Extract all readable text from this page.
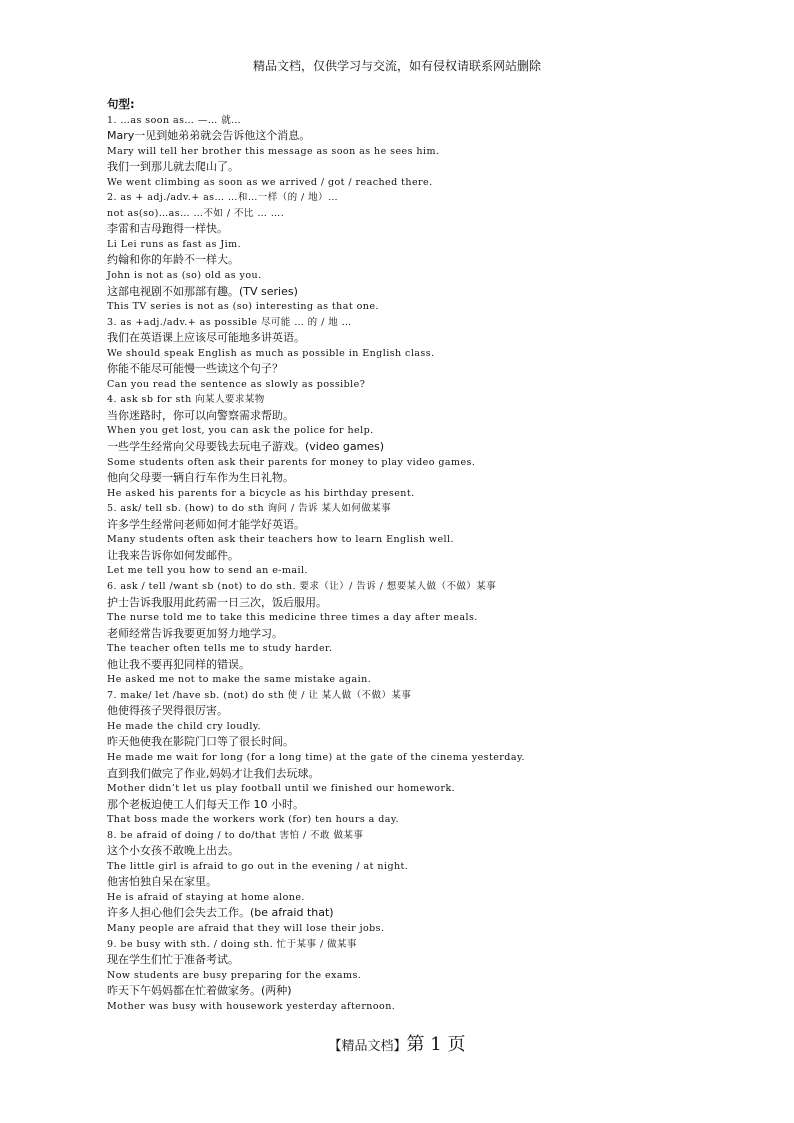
精品文档，仅供学习与交流，如有侵权请联系网站删除
句型:
1. …as soon as… —… 就…
Mary一见到她弟弟就会告诉他这个消息。
Mary will tell her brother this message as soon as he sees him.
我们一到那儿就去爬山了。
We went climbing as soon as we arrived / got / reached there.
2. as + adj./adv.+ as… …和…一样（的 / 地）…
not as(so)…as… …不如 / 不比 … ….
李雷和吉母跑得一样快。
Li Lei runs as fast as Jim.
约翰和你的年龄不一样大。
John is not as (so) old as you.
这部电视剧不如那部有趣。(TV series)
This TV series is not as (so) interesting as that one.
3. as +adj./adv.+ as possible 尽可能 … 的 / 地 …
我们在英语课上应该尽可能地多讲英语。
We should speak English as much as possible in English class.
你能不能尽可能慢一些读这个句子？
Can you read the sentence as slowly as possible?
4. ask sb for sth 向某人要求某物
当你迷路时，你可以向警察需求帮助。
When you get lost, you can ask the police for help.
一些学生经常向父母要钱去玩电子游戏。(video games)
Some students often ask their parents for money to play video games.
他向父母要一辆自行车作为生日礼物。
He asked his parents for a bicycle as his birthday present.
5. ask/ tell sb. (how) to do sth 询问 / 告诉 某人如何做某事
许多学生经常问老师如何才能学好英语。
Many students often ask their teachers how to learn English well.
让我来告诉你如何发邮件。
Let me tell you how to send an e-mail.
6. ask / tell /want sb (not) to do sth. 要求（让）/ 告诉 / 想要某人做（不做）某事
护士告诉我服用此药需一日三次，饭后服用。
The nurse told me to take this medicine three times a day after meals.
老师经常告诉我要更加努力地学习。
The teacher often tells me to study harder.
他让我不要再犯同样的错误。
He asked me not to make the same mistake again.
7. make/ let /have sb. (not) do sth 使 / 让 某人做（不做）某事
他使得孩子哭得很厉害。
He made the child cry loudly.
昨天他使我在影院门口等了很长时间。
He made me wait for long (for a long time) at the gate of the cinema yesterday.
直到我们做完了作业,妈妈才让我们去玩球。
Mother didn’t let us play football until we finished our homework.
那个老板迫使工人们每天工作 10 小时。
That boss made the workers work (for) ten hours a day.
8. be afraid of doing / to do/that 害怕 / 不敢 做某事
这个小女孩不敢晚上出去。
The little girl is afraid to go out in the evening / at night.
他害怕独自呆在家里。
He is afraid of staying at home alone.
许多人担心他们会失去工作。(be afraid that)
Many people are afraid that they will lose their jobs.
9. be busy with sth. / doing sth. 忙于某事 / 做某事
现在学生们忙于准备考试。
Now students are busy preparing for the exams.
昨天下午妈妈都在忙着做家务。(两种)
Mother was busy with housework yesterday afternoon.
【精品文档】第 1 页
